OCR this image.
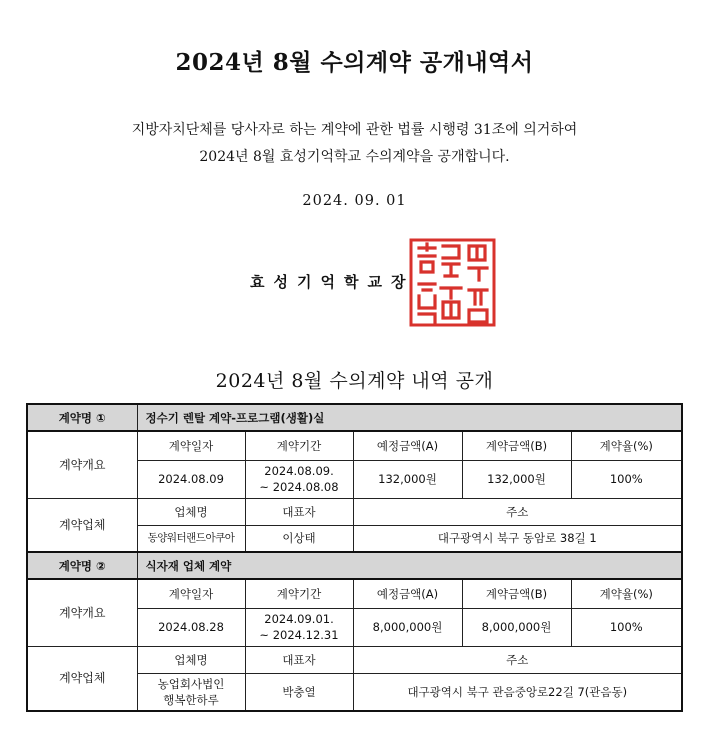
2024년 8월 수의계약 공개내역서
지방자치단체를 당사자로 하는 계약에 관한 법률 시행령 31조에 의거하여
2024년 8월 효성기억학교 수의계약을 공개합니다.
2024. 09. 01
효성기억학교장
2024년 8월 수의계약 내역 공개
계약명 ①	정수기 렌탈 계약-프로그램(생활)실				
계약개요	계약일자	계약기간	예정금액(A)	계약금액(B)	계약율(%)
	2024.08.09	2024.08.09.
~ 2024.08.08	132,000원	132,000원	100%
계약업체	업체명	대표자	주소		
	동양워터랜드아쿠아	이상태	대구광역시 북구 동암로 38길 1		
계약명 ②	식자재 업체 계약				
계약개요	계약일자	계약기간	예정금액(A)	계약금액(B)	계약율(%)
	2024.08.28	2024.09.01.
~ 2024.12.31	8,000,000원	8,000,000원	100%
계약업체	업체명	대표자	주소		

	농업회사법인
행복한하루	박충열	대구광역시 북구 관음중앙로22길 7(관음동)		
